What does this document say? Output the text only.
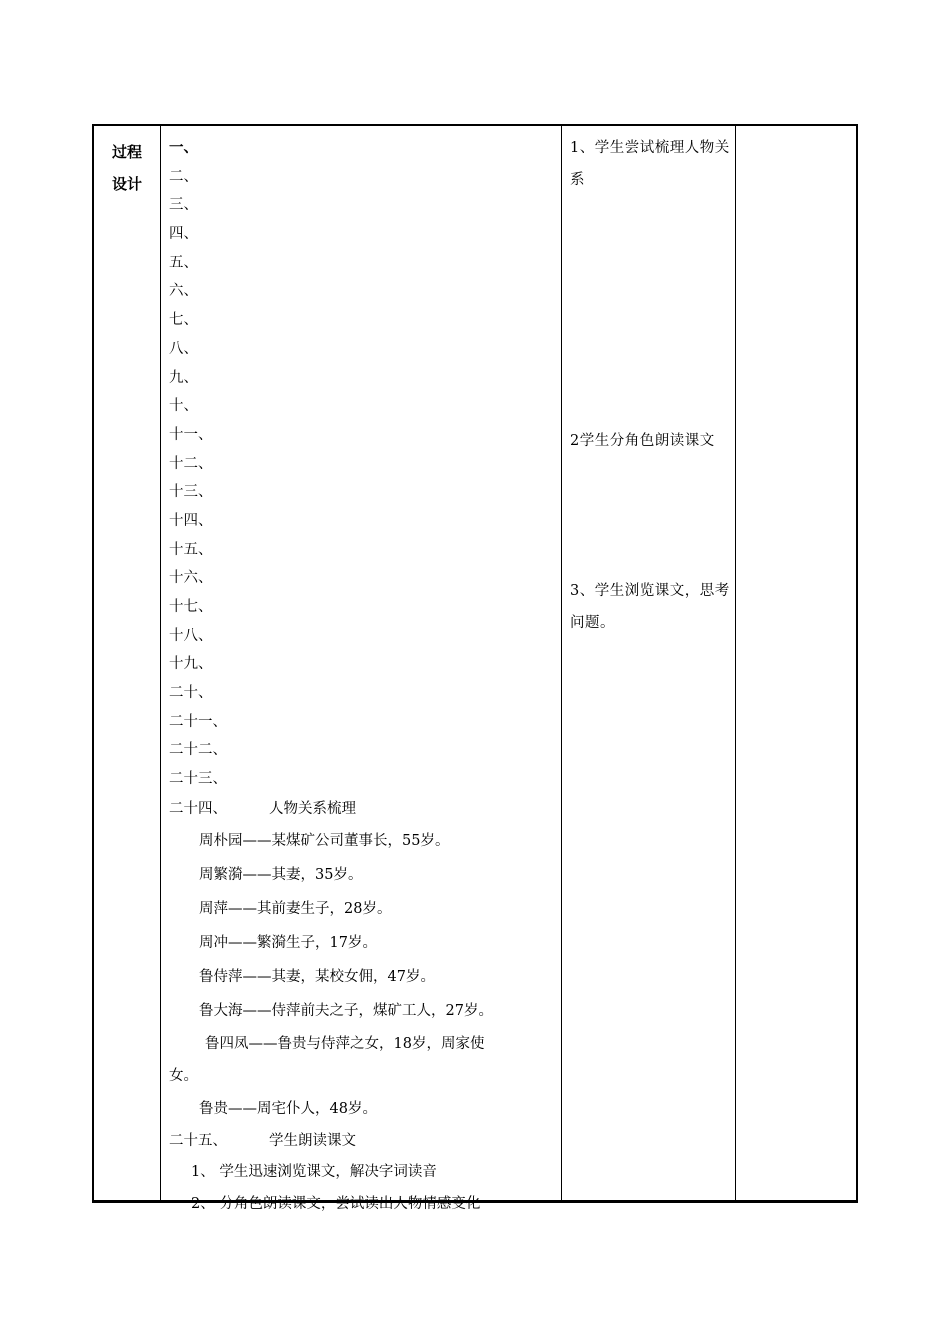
过程
设计
一、
二、
三、
四、
五、
六、
七、
八、
九、
十、
十一、
十二、
十三、
十四、
十五、
十六、
十七、
十八、
十九、
二十、
二十一、
二十二、
二十三、
二十四、	人物关系梳理
周朴园——某煤矿公司董事长，55岁。
周繁漪——其妻，35岁。
周萍——其前妻生子，28岁。
周冲——繁漪生子，17岁。
鲁侍萍——其妻，某校女佣，47岁。
鲁大海——侍萍前夫之子，煤矿工人，27岁。
鲁四凤——鲁贵与侍萍之女，18岁，周家使
女。
鲁贵——周宅仆人，48岁。
二十五、	学生朗读课文
1、 学生迅速浏览课文，解决字词读音
2、 分角色朗读课文，尝试读出人物情感变化
1、学生尝试梳理人物关系
2学生分角色朗读课文
3、学生浏览课文，思考问题。
